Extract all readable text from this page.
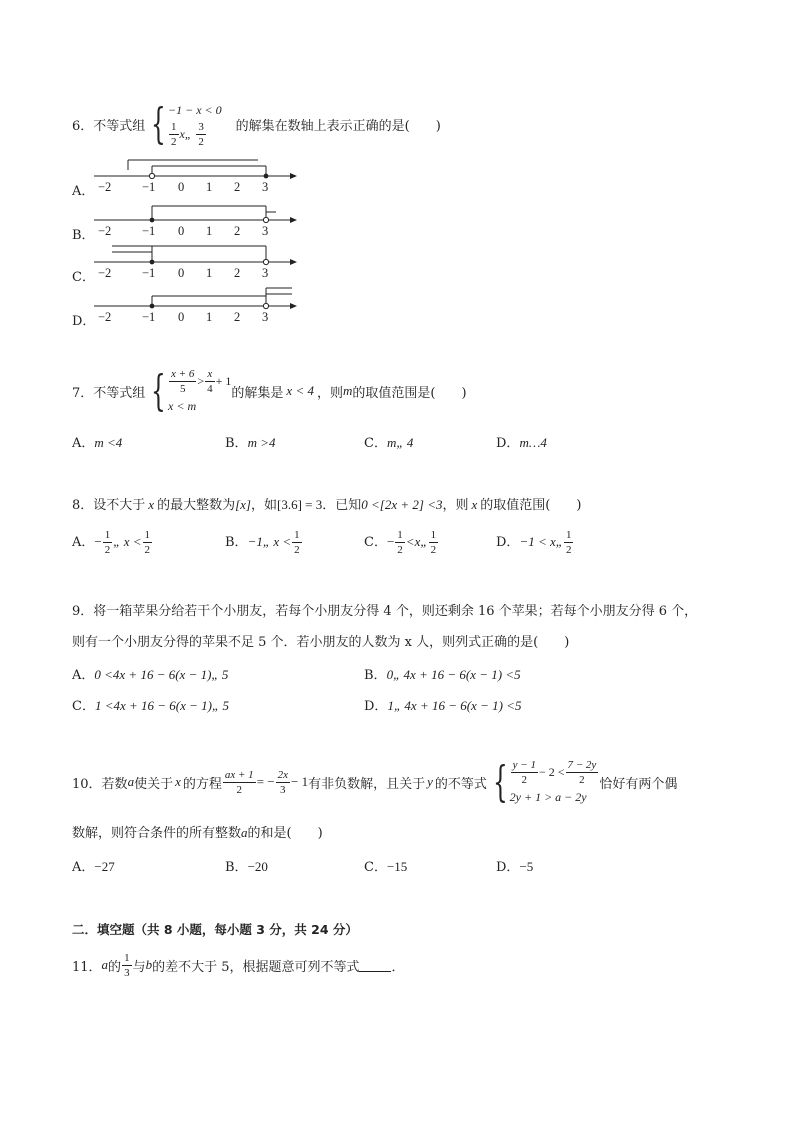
6． 不等式组 { −1 − x < 0
$\frac{1}{2}$ x„ $\frac{3}{2}$ 的解集在数轴上表示正确的是(　　)
A． −2 −1 0 1 2 3
B． −2 −1 0 1 2 3
C． −2 −1 0 1 2 3
D． −2 −1 0 1 2 3
7． 不等式组 { $\frac{x + 6}{5} > \frac{x}{4} + 1$
x < m
的解集是 x < 4 ，则 m 的取值范围是(　　)
A．m <4	B．m >4	C．m„ 4	D．m…4
8．设不大于 x 的最大整数为[x]，如[3.6] = 3．已知0 <[2x + 2] <3，则 x 的取值范围(　　)
A．− $\frac{1}{2}$ „ $x < \frac{1}{2}$	B．−1„ $x < \frac{1}{2}$	C．− $\frac{1}{2}$ <x„ $\frac{1}{2}$	D．−1 < x„ $\frac{1}{2}$
9．将一箱苹果分给若干个小朋友，若每个小朋友分得 4 个，则还剩余 16 个苹果；若每个小朋友分得 6 个，
则有一个小朋友分得的苹果不足 5 个．若小朋友的人数为 x 人，则列式正确的是(　　)
A．0 <4x + 16 − 6(x − 1)„ 5	B．0„ 4x + 16 − 6(x − 1) <5
C．1 <4x + 16 − 6(x − 1)„ 5	D．1„ 4x + 16 − 6(x − 1) <5
10． 若数 a 使关于 x 的方程 $\frac{ax + 1}{2}$ = − $\frac{2x}{3} - 1$ 有非负数解，且关于 y 的不等式 { $\frac{y - 1}{2} - 2 < \frac{7 - 2y}{2}$
2y + 1 > a − 2y
恰好有两个偶
数解，则符合条件的所有整数a的和是(　　)
A．−27	B．−20	C．−15	D．−5
二．填空题（共 8 小题，每小题 3 分，共 24 分）
11． a 的 $\frac{1}{3}$ 与 b 的差不大于 5，根据题意可列不等式 ．
